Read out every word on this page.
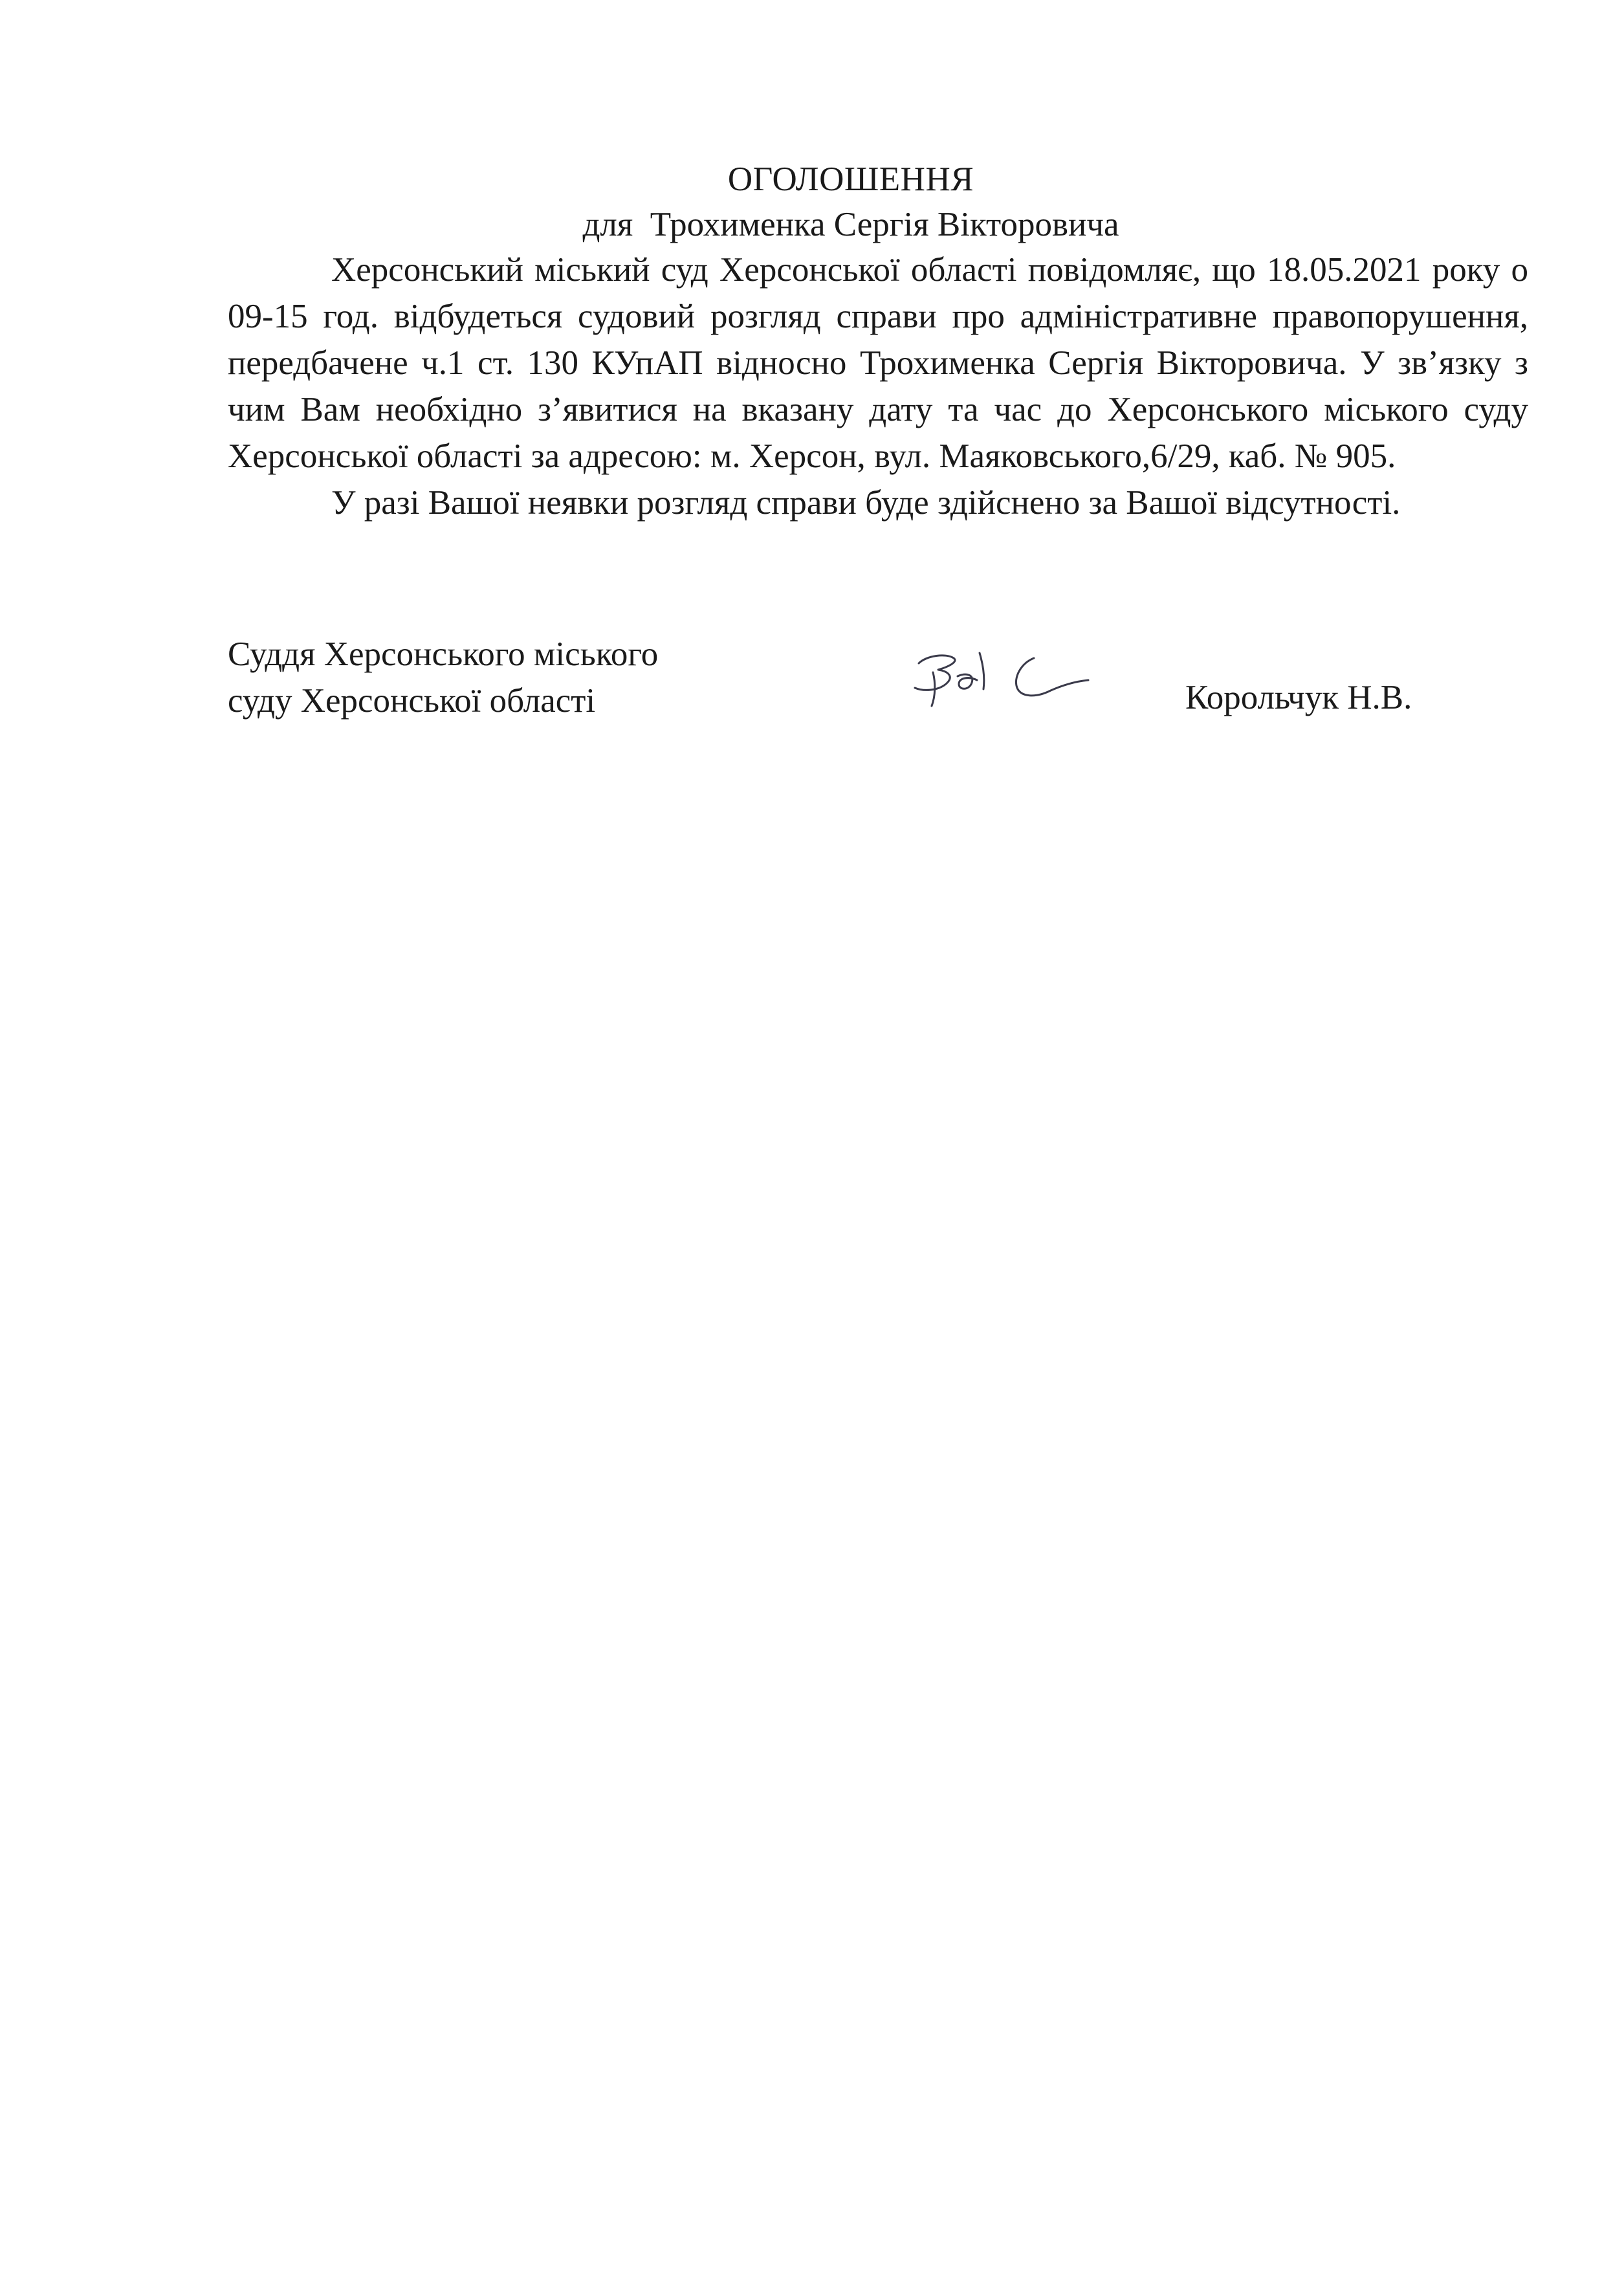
ОГОЛОШЕННЯ
для  Трохименка Сергія Вікторовича

Херсонський міський суд Херсонської області повідомляє, що 18.05.2021 року о 09-15 год. відбудеться судовий розгляд справи про адміністративне правопорушення, передбачене ч.1 ст. 130 КУпАП відносно Трохименка Сергія Вікторовича. У зв’язку з чим Вам необхідно з’явитися на вказану дату та час до Херсонського міського суду Херсонської області за адресою: м. Херсон, вул. Маяковського,6/29, каб. № 905.

У разі Вашої неявки розгляд справи буде здійснено за Вашої відсутності.

Суддя Херсонського міського
суду Херсонської області	Корольчук Н.В.
